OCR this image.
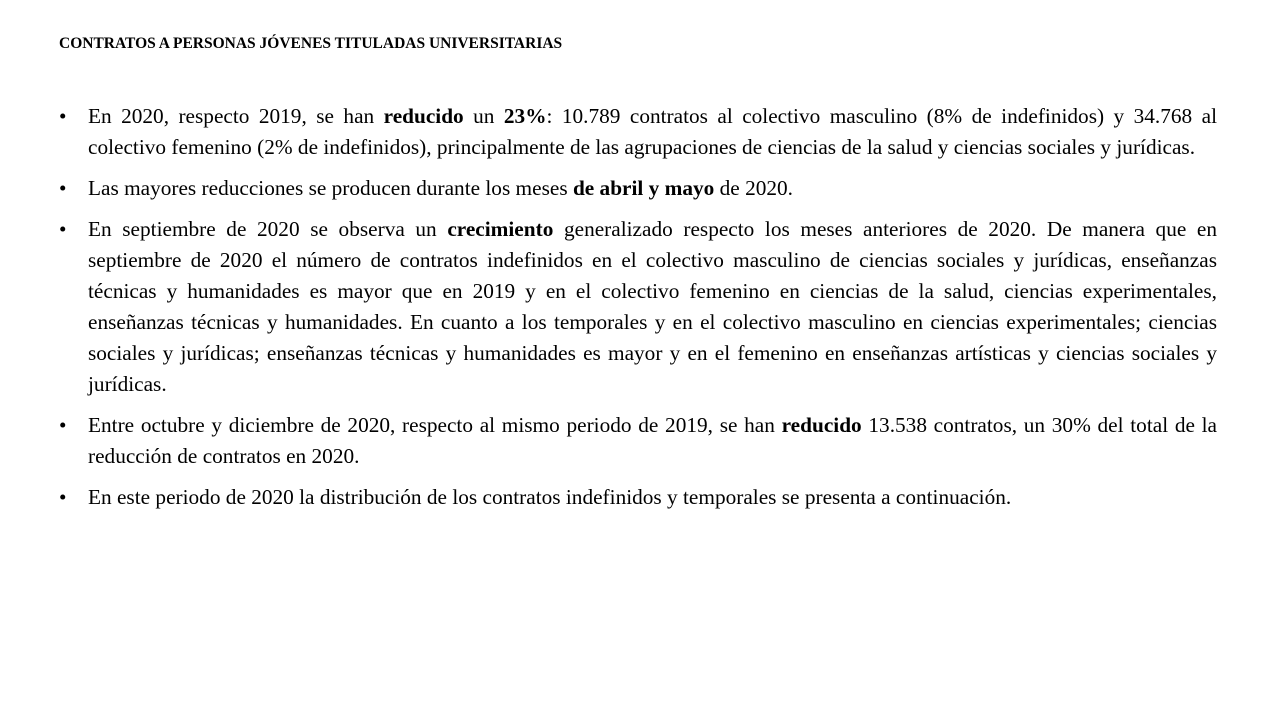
CONTRATOS A PERSONAS JÓVENES TITULADAS UNIVERSITARIAS
• En 2020, respecto 2019, se han reducido un 23%: 10.789 contratos al colectivo masculino (8% de indefinidos) y 34.768 al colectivo femenino (2% de indefinidos), principalmente de las agrupaciones de ciencias de la salud y ciencias sociales y jurídicas.
• Las mayores reducciones se producen durante los meses de abril y mayo de 2020.
• En septiembre de 2020 se observa un crecimiento generalizado respecto los meses anteriores de 2020. De manera que en septiembre de 2020 el número de contratos indefinidos en el colectivo masculino de ciencias sociales y jurídicas, enseñanzas técnicas y humanidades es mayor que en 2019 y en el colectivo femenino en ciencias de la salud, ciencias experimentales, enseñanzas técnicas y humanidades. En cuanto a los temporales y en el colectivo masculino en ciencias experimentales; ciencias sociales y jurídicas; enseñanzas técnicas y humanidades es mayor y en el femenino en enseñanzas artísticas y ciencias sociales y jurídicas.
• Entre octubre y diciembre de 2020, respecto al mismo periodo de 2019, se han reducido 13.538 contratos, un 30% del total de la reducción de contratos en 2020.
• En este periodo de 2020 la distribución de los contratos indefinidos y temporales se presenta a continuación.
